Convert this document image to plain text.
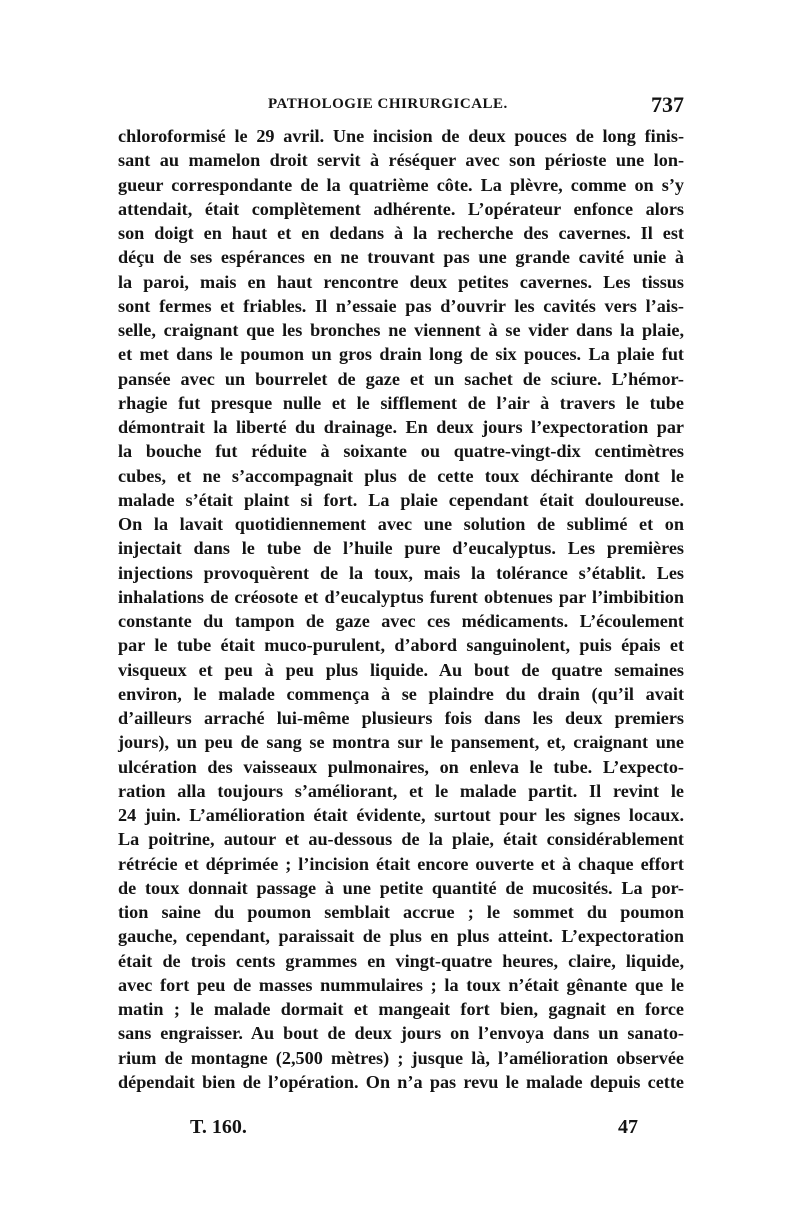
PATHOLOGIE CHIRURGICALE.	737
chloroformisé le 29 avril. Une incision de deux pouces de long finis-
sant au mamelon droit servit à réséquer avec son périoste une lon-
gueur correspondante de la quatrième côte. La plèvre, comme on s’y
attendait, était complètement adhérente. L’opérateur enfonce alors
son doigt en haut et en dedans à la recherche des cavernes. Il est
déçu de ses espérances en ne trouvant pas une grande cavité unie à
la paroi, mais en haut rencontre deux petites cavernes. Les tissus
sont fermes et friables. Il n’essaie pas d’ouvrir les cavités vers l’ais-
selle, craignant que les bronches ne viennent à se vider dans la plaie,
et met dans le poumon un gros drain long de six pouces. La plaie fut
pansée avec un bourrelet de gaze et un sachet de sciure. L’hémor-
rhagie fut presque nulle et le sifflement de l’air à travers le tube
démontrait la liberté du drainage. En deux jours l’expectoration par
la bouche fut réduite à soixante ou quatre-vingt-dix centimètres
cubes, et ne s’accompagnait plus de cette toux déchirante dont le
malade s’était plaint si fort. La plaie cependant était douloureuse.
On la lavait quotidiennement avec une solution de sublimé et on
injectait dans le tube de l’huile pure d’eucalyptus. Les premières
injections provoquèrent de la toux, mais la tolérance s’établit. Les
inhalations de créosote et d’eucalyptus furent obtenues par l’imbibition
constante du tampon de gaze avec ces médicaments. L’écoulement
par le tube était muco-purulent, d’abord sanguinolent, puis épais et
visqueux et peu à peu plus liquide. Au bout de quatre semaines
environ, le malade commença à se plaindre du drain (qu’il avait
d’ailleurs arraché lui-même plusieurs fois dans les deux premiers
jours), un peu de sang se montra sur le pansement, et, craignant une
ulcération des vaisseaux pulmonaires, on enleva le tube. L’expecto-
ration alla toujours s’améliorant, et le malade partit. Il revint le
24 juin. L’amélioration était évidente, surtout pour les signes locaux.
La poitrine, autour et au-dessous de la plaie, était considérablement
rétrécie et déprimée ; l’incision était encore ouverte et à chaque effort
de toux donnait passage à une petite quantité de mucosités. La por-
tion saine du poumon semblait accrue ; le sommet du poumon
gauche, cependant, paraissait de plus en plus atteint. L’expectoration
était de trois cents grammes en vingt-quatre heures, claire, liquide,
avec fort peu de masses nummulaires ; la toux n’était gênante que le
matin ; le malade dormait et mangeait fort bien, gagnait en force
sans engraisser. Au bout de deux jours on l’envoya dans un sanato-
rium de montagne (2,500 mètres) ; jusque là, l’amélioration observée
dépendait bien de l’opération. On n’a pas revu le malade depuis cette
T. 160.	47
